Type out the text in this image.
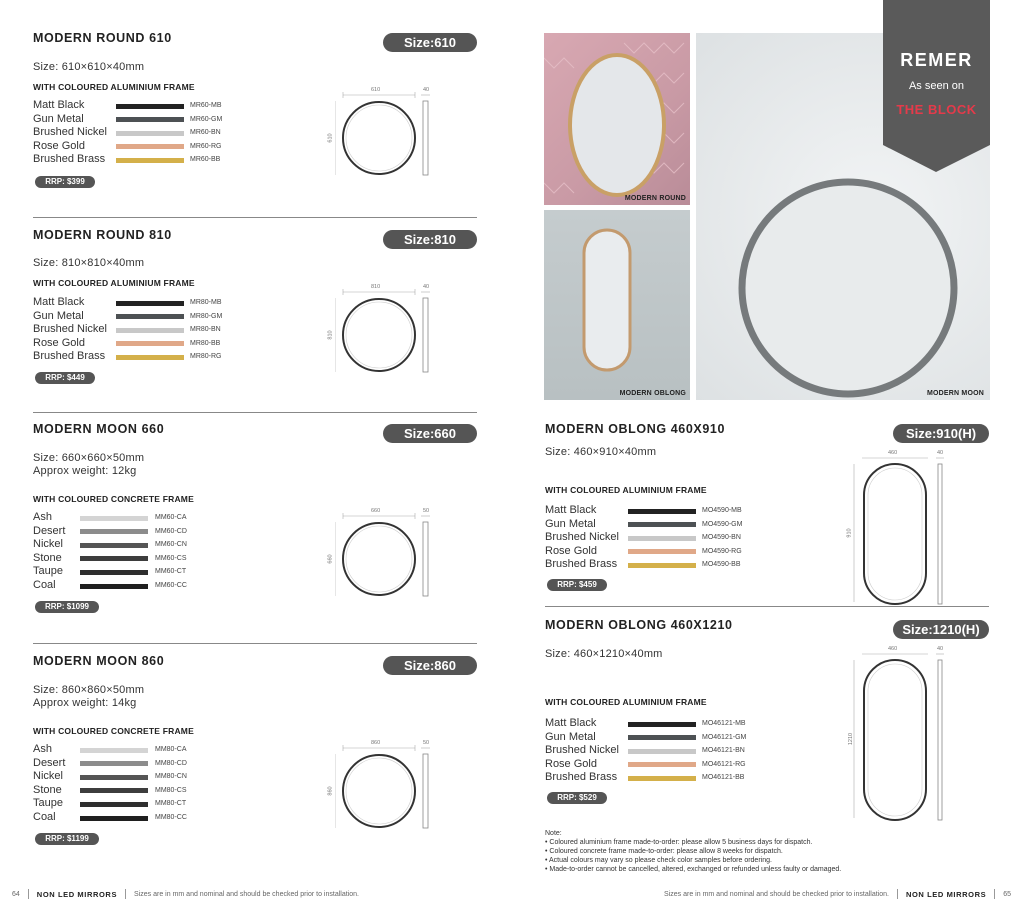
MODERN ROUND
MODERN OBLONG	MODERN MOON
REMER
As seen on
THE BLOCK
MODERN ROUND 610	Size:610
Size: 610×610×40mm
WITH COLOURED ALUMINIUM FRAME
Matt Black	MR60-MB
Gun Metal	MR60-GM
Brushed Nickel	MR60-BN
Rose Gold	MR60-RG
Brushed Brass	MR60-BB
RRP: $399
610	40
610
MODERN ROUND 810	Size:810
Size: 810×810×40mm
WITH COLOURED ALUMINIUM FRAME
Matt Black	MR80-MB
Gun Metal	MR80-GM
Brushed Nickel	MR80-BN
Rose Gold	MR80-BB
Brushed Brass	MR80-RG
RRP: $449
810	40
810
MODERN MOON 660	Size:660
Size: 660×660×50mm
Approx weight: 12kg
WITH COLOURED CONCRETE FRAME
Ash	MM60-CA
Desert	MM60-CD
Nickel	MM60-CN
Stone	MM60-CS
Taupe	MM60-CT
Coal	MM60-CC
RRP: $1099
660	50
660
MODERN MOON 860	Size:860
Size: 860×860×50mm
Approx weight: 14kg
WITH COLOURED CONCRETE FRAME
Ash	MM80-CA
Desert	MM80-CD
Nickel	MM80-CN
Stone	MM80-CS
Taupe	MM80-CT
Coal	MM80-CC
RRP: $1199
860	50
860
MODERN OBLONG 460X910	Size:910(H)
Size: 460×910×40mm
WITH COLOURED ALUMINIUM FRAME
Matt Black	MO4590-MB
Gun Metal	MO4590-GM
Brushed Nickel	MO4590-BN
Rose Gold	MO4590-RG
Brushed Brass	MO4590-BB
RRP: $459
460	40
910
MODERN OBLONG 460X1210	Size:1210(H)
Size: 460×1210×40mm
WITH COLOURED ALUMINIUM FRAME
Matt Black	MO46121-MB
Gun Metal	MO46121-GM
Brushed Nickel	MO46121-BN
Rose Gold	MO46121-RG
Brushed Brass	MO46121-BB
RRP: $529
460	40
1210
Note:
• Coloured aluminium frame made-to-order: please allow 5 business days for dispatch.
• Coloured concrete frame made-to-order: please allow 8 weeks for dispatch.
• Actual colours may vary so please check color samples before ordering.
• Made-to-order cannot be cancelled, altered, exchanged or refunded unless faulty or damaged.
64 NON LED MIRRORS Sizes are in mm and nominal and should be checked prior to installation.	Sizes are in mm and nominal and should be checked prior to installation. NON LED MIRRORS 65
